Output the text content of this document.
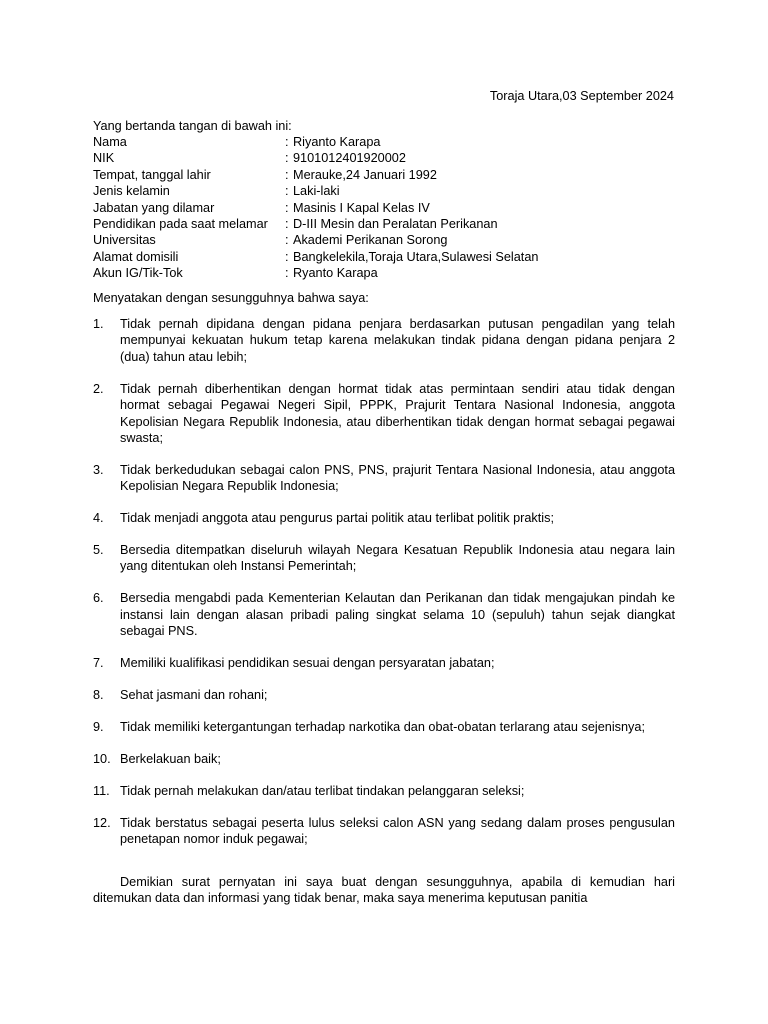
Toraja Utara,03 September 2024
Yang bertanda tangan di bawah ini:
Nama	: Riyanto Karapa
NIK	: 9101012401920002
Tempat, tanggal lahir	: Merauke,24 Januari 1992
Jenis kelamin	: Laki-laki
Jabatan yang dilamar	: Masinis I Kapal Kelas IV
Pendidikan pada saat melamar	: D-III Mesin dan Peralatan Perikanan
Universitas	: Akademi Perikanan Sorong
Alamat domisili	: Bangkelekila,Toraja Utara,Sulawesi Selatan
Akun IG/Tik-Tok	: Ryanto Karapa
Menyatakan dengan sesungguhnya bahwa saya:
1.	Tidak pernah dipidana dengan pidana penjara berdasarkan putusan pengadilan yang telah mempunyai kekuatan hukum tetap karena melakukan tindak pidana dengan pidana penjara 2 (dua) tahun atau lebih;
2.	Tidak pernah diberhentikan dengan hormat tidak atas permintaan sendiri atau tidak dengan hormat sebagai Pegawai Negeri Sipil, PPPK, Prajurit Tentara Nasional Indonesia, anggota Kepolisian Negara Republik Indonesia, atau diberhentikan tidak dengan hormat sebagai pegawai swasta;
3.	Tidak berkedudukan sebagai calon PNS, PNS, prajurit Tentara Nasional Indonesia, atau anggota Kepolisian Negara Republik Indonesia;
4.	Tidak menjadi anggota atau pengurus partai politik atau terlibat politik praktis;
5.	Bersedia ditempatkan diseluruh wilayah Negara Kesatuan Republik Indonesia atau negara lain yang ditentukan oleh Instansi Pemerintah;
6.	Bersedia mengabdi pada Kementerian Kelautan dan Perikanan dan tidak mengajukan pindah ke instansi lain dengan alasan pribadi paling singkat selama 10 (sepuluh) tahun sejak diangkat sebagai PNS.
7.	Memiliki kualifikasi pendidikan sesuai dengan persyaratan jabatan;
8.	Sehat jasmani dan rohani;
9.	Tidak memiliki ketergantungan terhadap narkotika dan obat-obatan terlarang atau sejenisnya;
10. Berkelakuan baik;
11. Tidak pernah melakukan dan/atau terlibat tindakan pelanggaran seleksi;
12. Tidak berstatus sebagai peserta lulus seleksi calon ASN yang sedang dalam proses pengusulan penetapan nomor induk pegawai;
Demikian surat pernyatan ini saya buat dengan sesungguhnya, apabila di kemudian hari ditemukan data dan informasi yang tidak benar, maka saya menerima keputusan panitia
